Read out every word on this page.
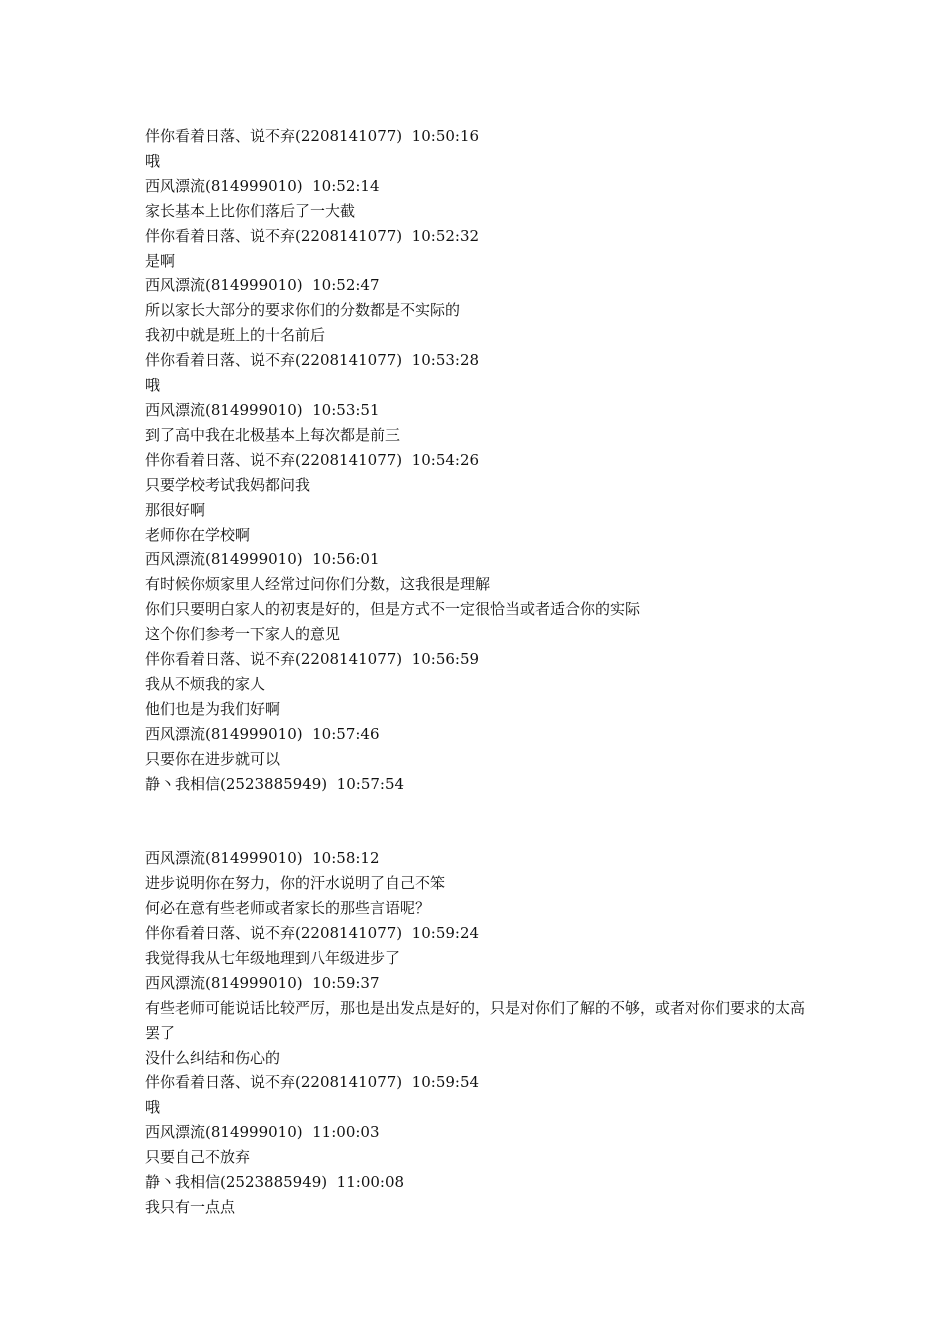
伴你看着日落、说不弃(2208141077)  10:50:16
哦
西风漂流(814999010)  10:52:14
家长基本上比你们落后了一大截
伴你看着日落、说不弃(2208141077)  10:52:32
是啊
西风漂流(814999010)  10:52:47
所以家长大部分的要求你们的分数都是不实际的
我初中就是班上的十名前后
伴你看着日落、说不弃(2208141077)  10:53:28
哦
西风漂流(814999010)  10:53:51
到了高中我在北极基本上每次都是前三
伴你看着日落、说不弃(2208141077)  10:54:26
只要学校考试我妈都问我
那很好啊
老师你在学校啊
西风漂流(814999010)  10:56:01
有时候你烦家里人经常过问你们分数，这我很是理解
你们只要明白家人的初衷是好的，但是方式不一定很恰当或者适合你的实际
这个你们参考一下家人的意见
伴你看着日落、说不弃(2208141077)  10:56:59
我从不烦我的家人
他们也是为我们好啊
西风漂流(814999010)  10:57:46
只要你在进步就可以
静丶我相信(2523885949)  10:57:54
西风漂流(814999010)  10:58:12
进步说明你在努力，你的汗水说明了自己不笨
何必在意有些老师或者家长的那些言语呢？
伴你看着日落、说不弃(2208141077)  10:59:24
我觉得我从七年级地理到八年级进步了
西风漂流(814999010)  10:59:37
有些老师可能说话比较严厉，那也是出发点是好的，只是对你们了解的不够，或者对你们要求的太高罢了
没什么纠结和伤心的
伴你看着日落、说不弃(2208141077)  10:59:54
哦
西风漂流(814999010)  11:00:03
只要自己不放弃
静丶我相信(2523885949)  11:00:08
我只有一点点
